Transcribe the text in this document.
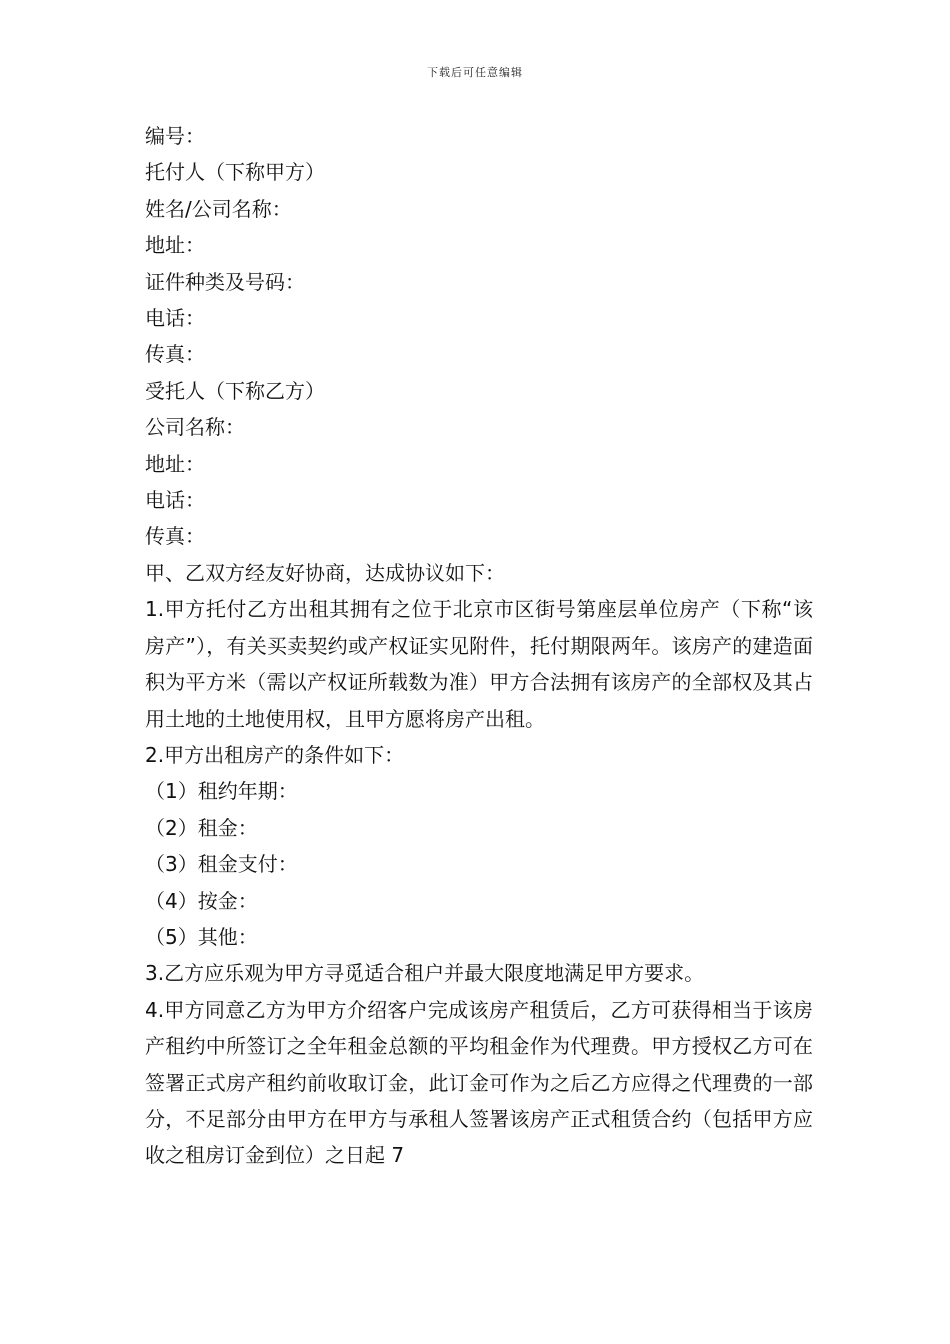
下载后可任意编辑

编号：

托付人（下称甲方）

姓名/公司名称：

地址：

证件种类及号码：

电话：

传真：

受托人（下称乙方）

公司名称：

地址：

电话：

传真：

甲、乙双方经友好协商，达成协议如下：

1.甲方托付乙方出租其拥有之位于北京市区街号第座层单位房产（下称“该房产”），有关买卖契约或产权证实见附件，托付期限两年。该房产的建造面积为平方米（需以产权证所载数为准）甲方合法拥有该房产的全部权及其占用土地的土地使用权，且甲方愿将房产出租。

2.甲方出租房产的条件如下：

（1）租约年期：

（2）租金：

（3）租金支付：

（4）按金：

（5）其他：

3.乙方应乐观为甲方寻觅适合租户并最大限度地满足甲方要求。

4.甲方同意乙方为甲方介绍客户完成该房产租赁后，乙方可获得相当于该房产租约中所签订之全年租金总额的平均租金作为代理费。甲方授权乙方可在签署正式房产租约前收取订金，此订金可作为之后乙方应得之代理费的一部分，不足部分由甲方在甲方与承租人签署该房产正式租赁合约（包括甲方应收之租房订金到位）之日起 7
